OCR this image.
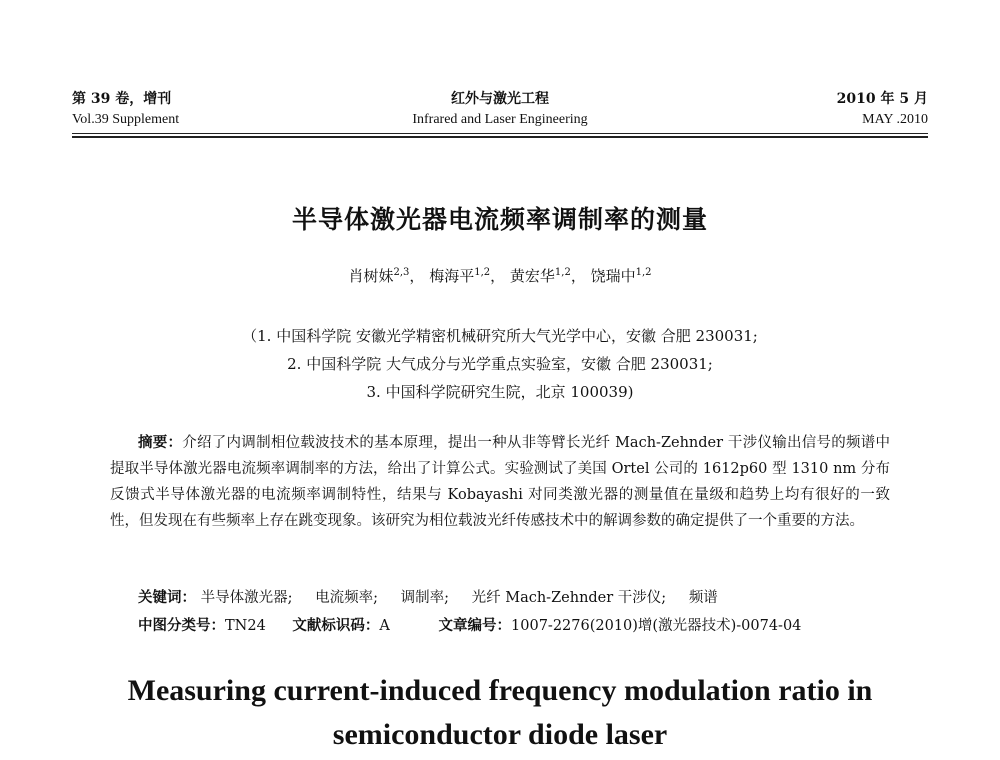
第 39 卷，增刊	红外与激光工程	2010 年 5 月
Vol.39 Supplement	Infrared and Laser Engineering	MAY .2010
半导体激光器电流频率调制率的测量
肖树妹$^{2,3}$， 梅海平$^{1,2}$， 黄宏华$^{1,2}$， 饶瑞中$^{1,2}$
（1. 中国科学院 安徽光学精密机械研究所大气光学中心，安徽 合肥 230031;
2. 中国科学院 大气成分与光学重点实验室，安徽 合肥 230031;
3. 中国科学院研究生院，北京 100039)
摘要：介绍了内调制相位载波技术的基本原理，提出一种从非等臂长光纤 Mach-Zehnder 干涉仪输出信号的频谱中提取半导体激光器电流频率调制率的方法，给出了计算公式。实验测试了美国 Ortel 公司的 1612p60 型 1310 nm 分布反馈式半导体激光器的电流频率调制特性，结果与 Kobayashi 对同类激光器的测量值在量级和趋势上均有很好的一致性，但发现在有些频率上存在跳变现象。该研究为相位载波光纤传感技术中的解调参数的确定提供了一个重要的方法。
关键词： 半导体激光器; 电流频率; 调制率; 光纤 Mach-Zehnder 干涉仪; 频谱
中图分类号：TN24 文献标识码：A	文章编号：1007-2276(2010)增(激光器技术)-0074-04
Measuring current-induced frequency modulation ratio in
semiconductor diode laser
